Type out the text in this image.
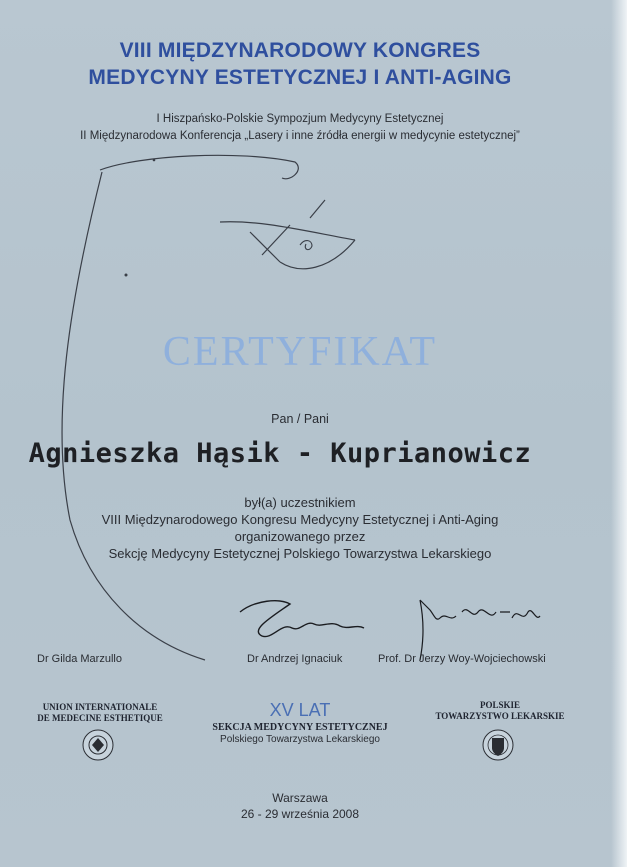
VIII MIĘDZYNARODOWY KONGRES
MEDYCYNY ESTETYCZNEJ I ANTI-AGING
I Hiszpańsko-Polskie Sympozjum Medycyny Estetycznej
II Międzynarodowa Konferencja „Lasery i inne źródła energii w medycynie estetycznej”
CERTYFIKAT
Pan / Pani
Agnieszka Hąsik - Kuprianowicz
był(a) uczestnikiem
VIII Międzynarodowego Kongresu Medycyny Estetycznej i Anti-Aging
organizowanego przez
Sekcję Medycyny Estetycznej Polskiego Towarzystwa Lekarskiego
Dr Gilda Marzullo	Dr Andrzej Ignaciuk	Prof. Dr Jerzy Woy-Wojciechowski
UNION INTERNATIONALE
DE MEDECINE ESTHETIQUE
POLSKIE
TOWARZYSTWO LEKARSKIE
XV LAT
SEKCJA MEDYCYNY ESTETYCZNEJ
Polskiego Towarzystwa Lekarskiego
Warszawa
26 - 29 września 2008
